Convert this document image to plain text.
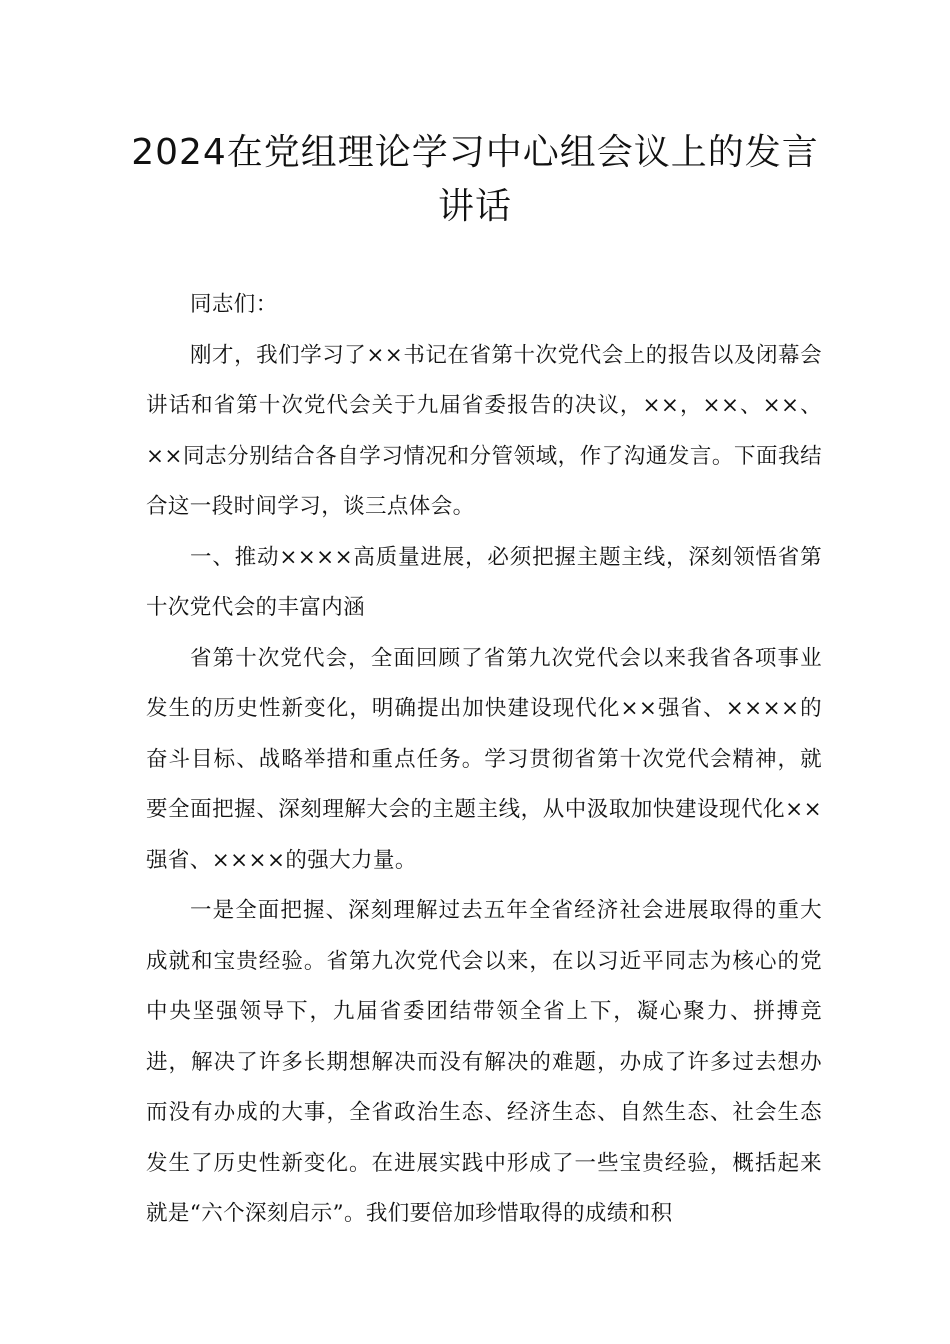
2024在党组理论学习中心组会议上的发言讲话

同志们：

刚才，我们学习了××书记在省第十次党代会上的报告以及闭幕会讲话和省第十次党代会关于九届省委报告的决议，××，××、××、××同志分别结合各自学习情况和分管领域，作了沟通发言。下面我结合这一段时间学习，谈三点体会。

一、推动××××高质量进展，必须把握主题主线，深刻领悟省第十次党代会的丰富内涵

省第十次党代会，全面回顾了省第九次党代会以来我省各项事业发生的历史性新变化，明确提出加快建设现代化××强省、××××的奋斗目标、战略举措和重点任务。学习贯彻省第十次党代会精神，就要全面把握、深刻理解大会的主题主线，从中汲取加快建设现代化××强省、××××的强大力量。

一是全面把握、深刻理解过去五年全省经济社会进展取得的重大成就和宝贵经验。省第九次党代会以来，在以习近平同志为核心的党中央坚强领导下，九届省委团结带领全省上下，凝心聚力、拼搏竞进，解决了许多长期想解决而没有解决的难题，办成了许多过去想办而没有办成的大事，全省政治生态、经济生态、自然生态、社会生态发生了历史性新变化。在进展实践中形成了一些宝贵经验，概括起来就是“六个深刻启示”。我们要倍加珍惜取得的成绩和积
